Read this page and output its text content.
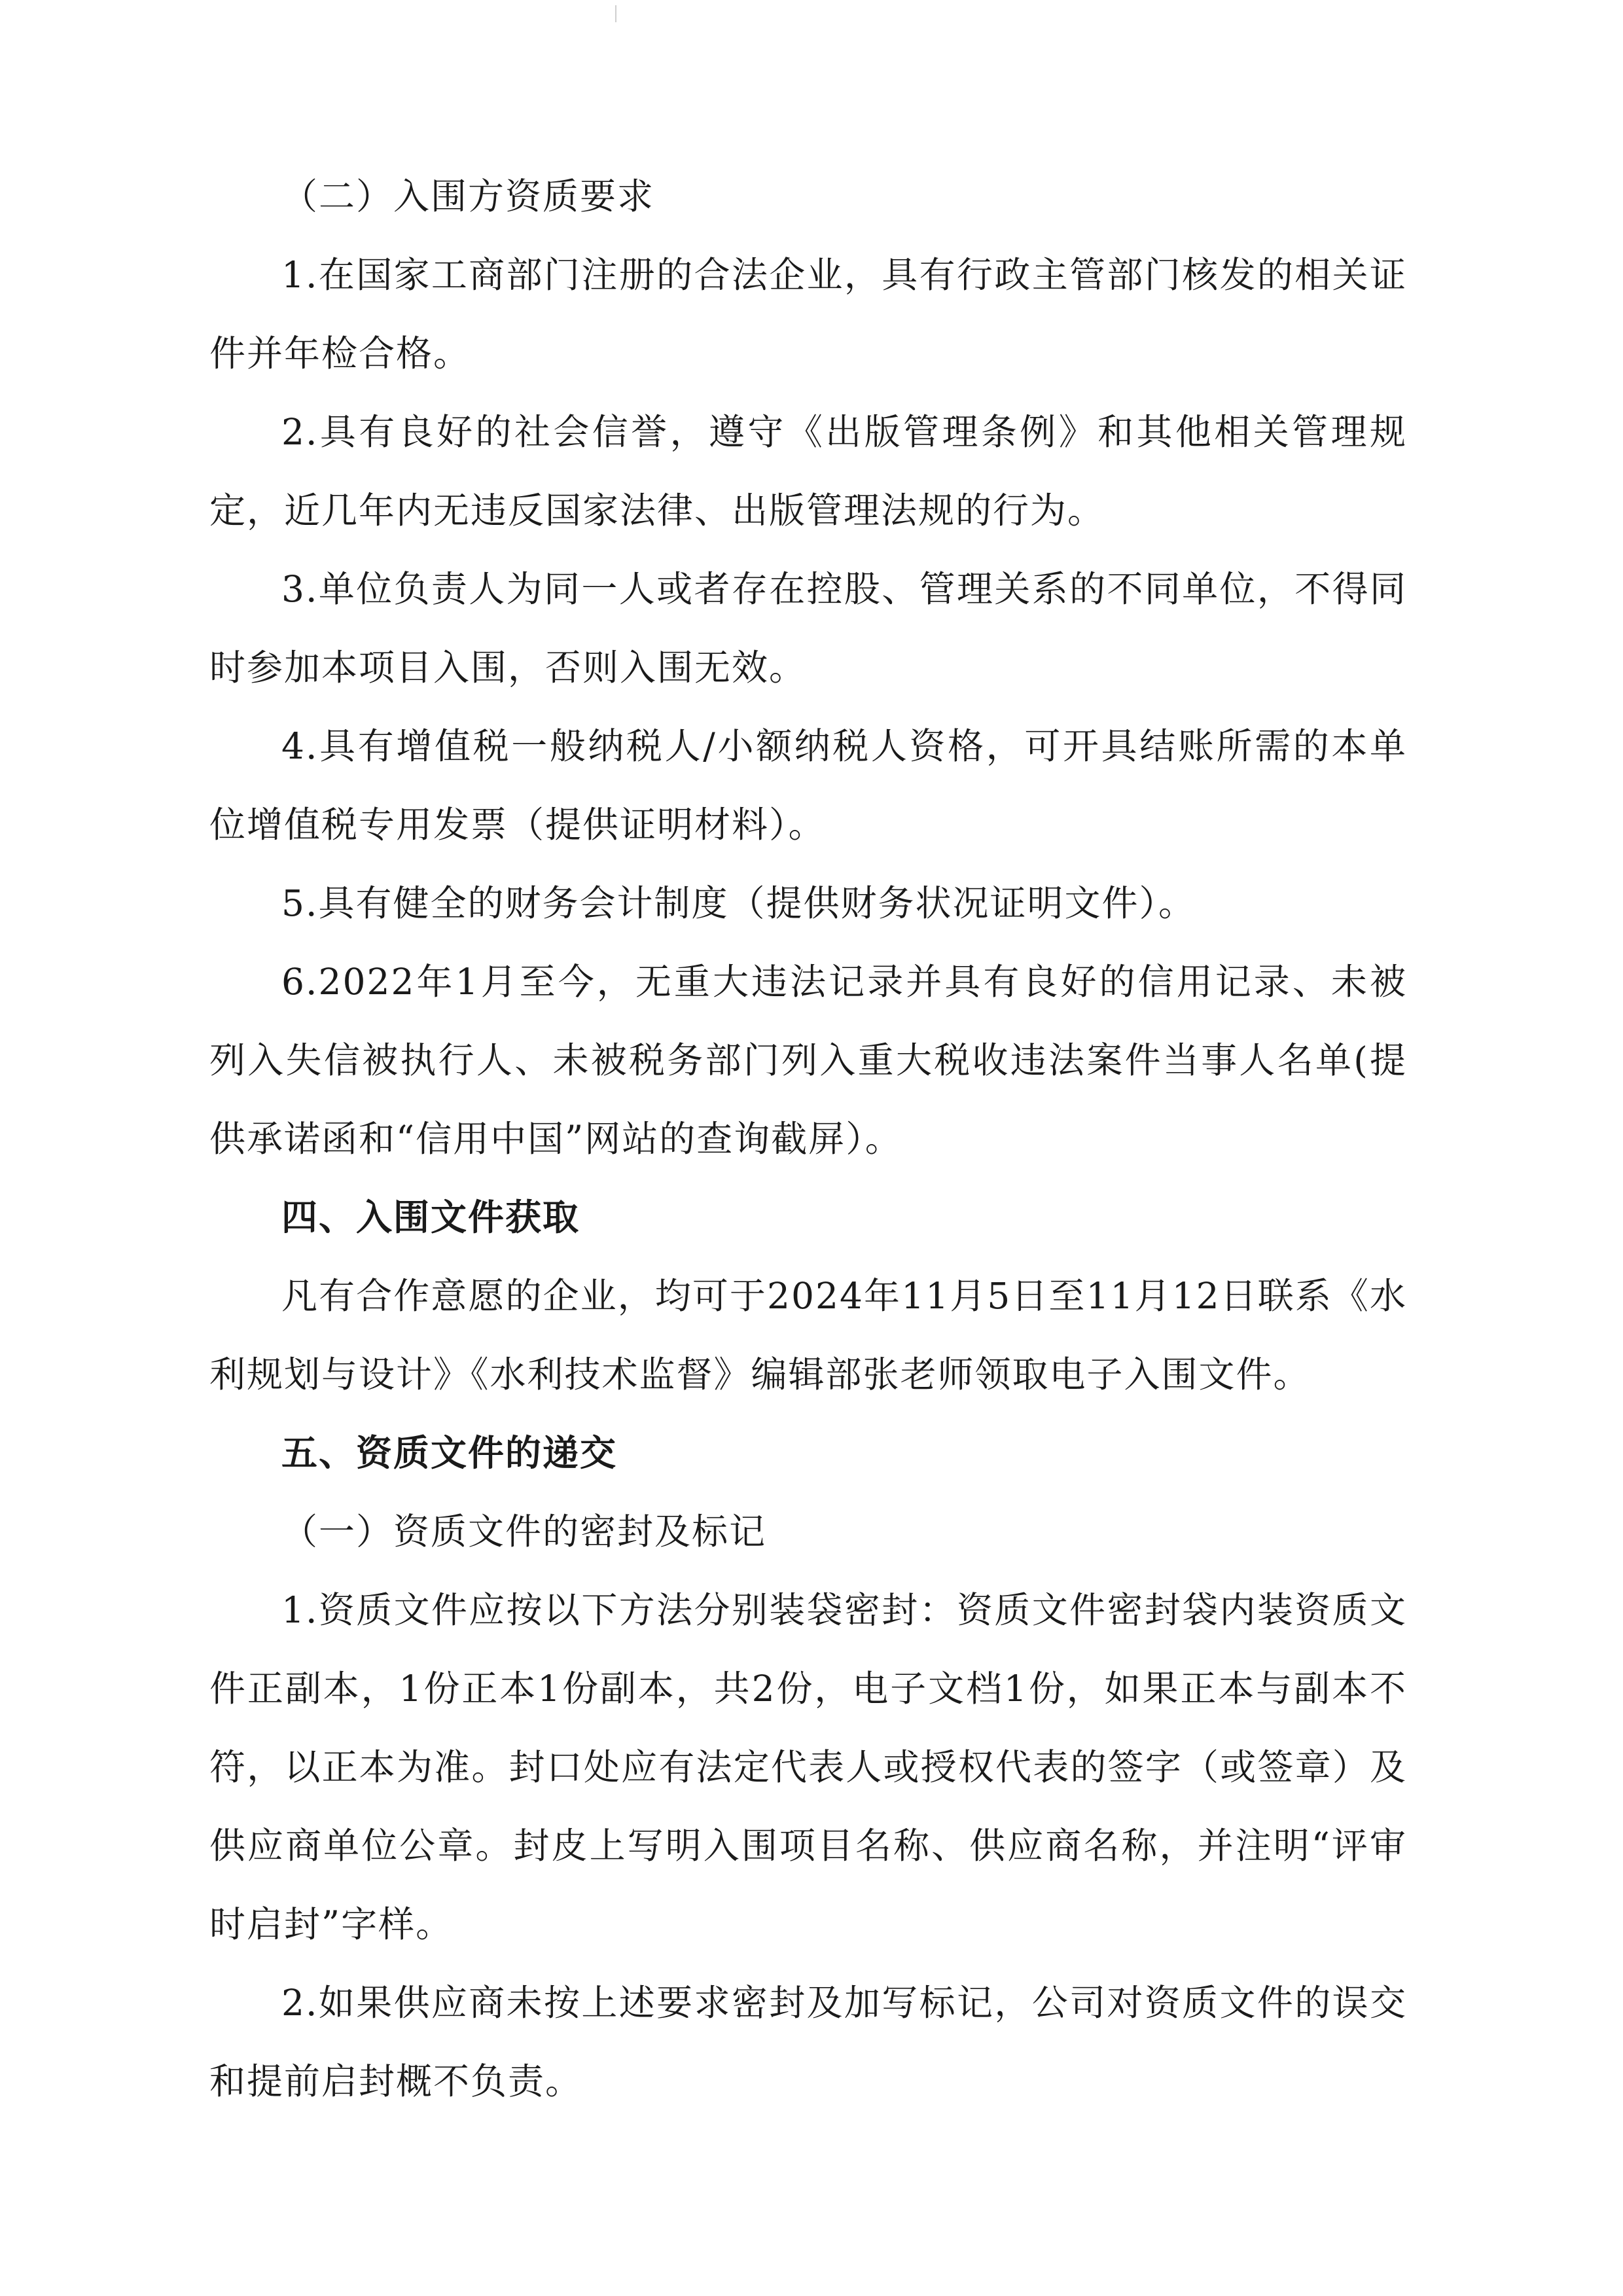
（二）入围方资质要求

1.在国家工商部门注册的合法企业，具有行政主管部门核发的相关证件并年检合格。

2.具有良好的社会信誉，遵守《出版管理条例》和其他相关管理规定，近几年内无违反国家法律、出版管理法规的行为。

3.单位负责人为同一人或者存在控股、管理关系的不同单位，不得同时参加本项目入围，否则入围无效。

4.具有增值税一般纳税人/小额纳税人资格，可开具结账所需的本单位增值税专用发票（提供证明材料）。

5.具有健全的财务会计制度（提供财务状况证明文件）。

6.2022年1月至今，无重大违法记录并具有良好的信用记录、未被列入失信被执行人、未被税务部门列入重大税收违法案件当事人名单(提供承诺函和“信用中国”网站的查询截屏）。

四、入围文件获取

凡有合作意愿的企业，均可于2024年11月5日至11月12日联系《水利规划与设计》《水利技术监督》编辑部张老师领取电子入围文件。

五、资质文件的递交

（一）资质文件的密封及标记

1.资质文件应按以下方法分别装袋密封：资质文件密封袋内装资质文件正副本，1份正本1份副本，共2份，电子文档1份，如果正本与副本不符，以正本为准。封口处应有法定代表人或授权代表的签字（或签章）及供应商单位公章。封皮上写明入围项目名称、供应商名称，并注明“评审时启封”字样。

2.如果供应商未按上述要求密封及加写标记，公司对资质文件的误交和提前启封概不负责。
